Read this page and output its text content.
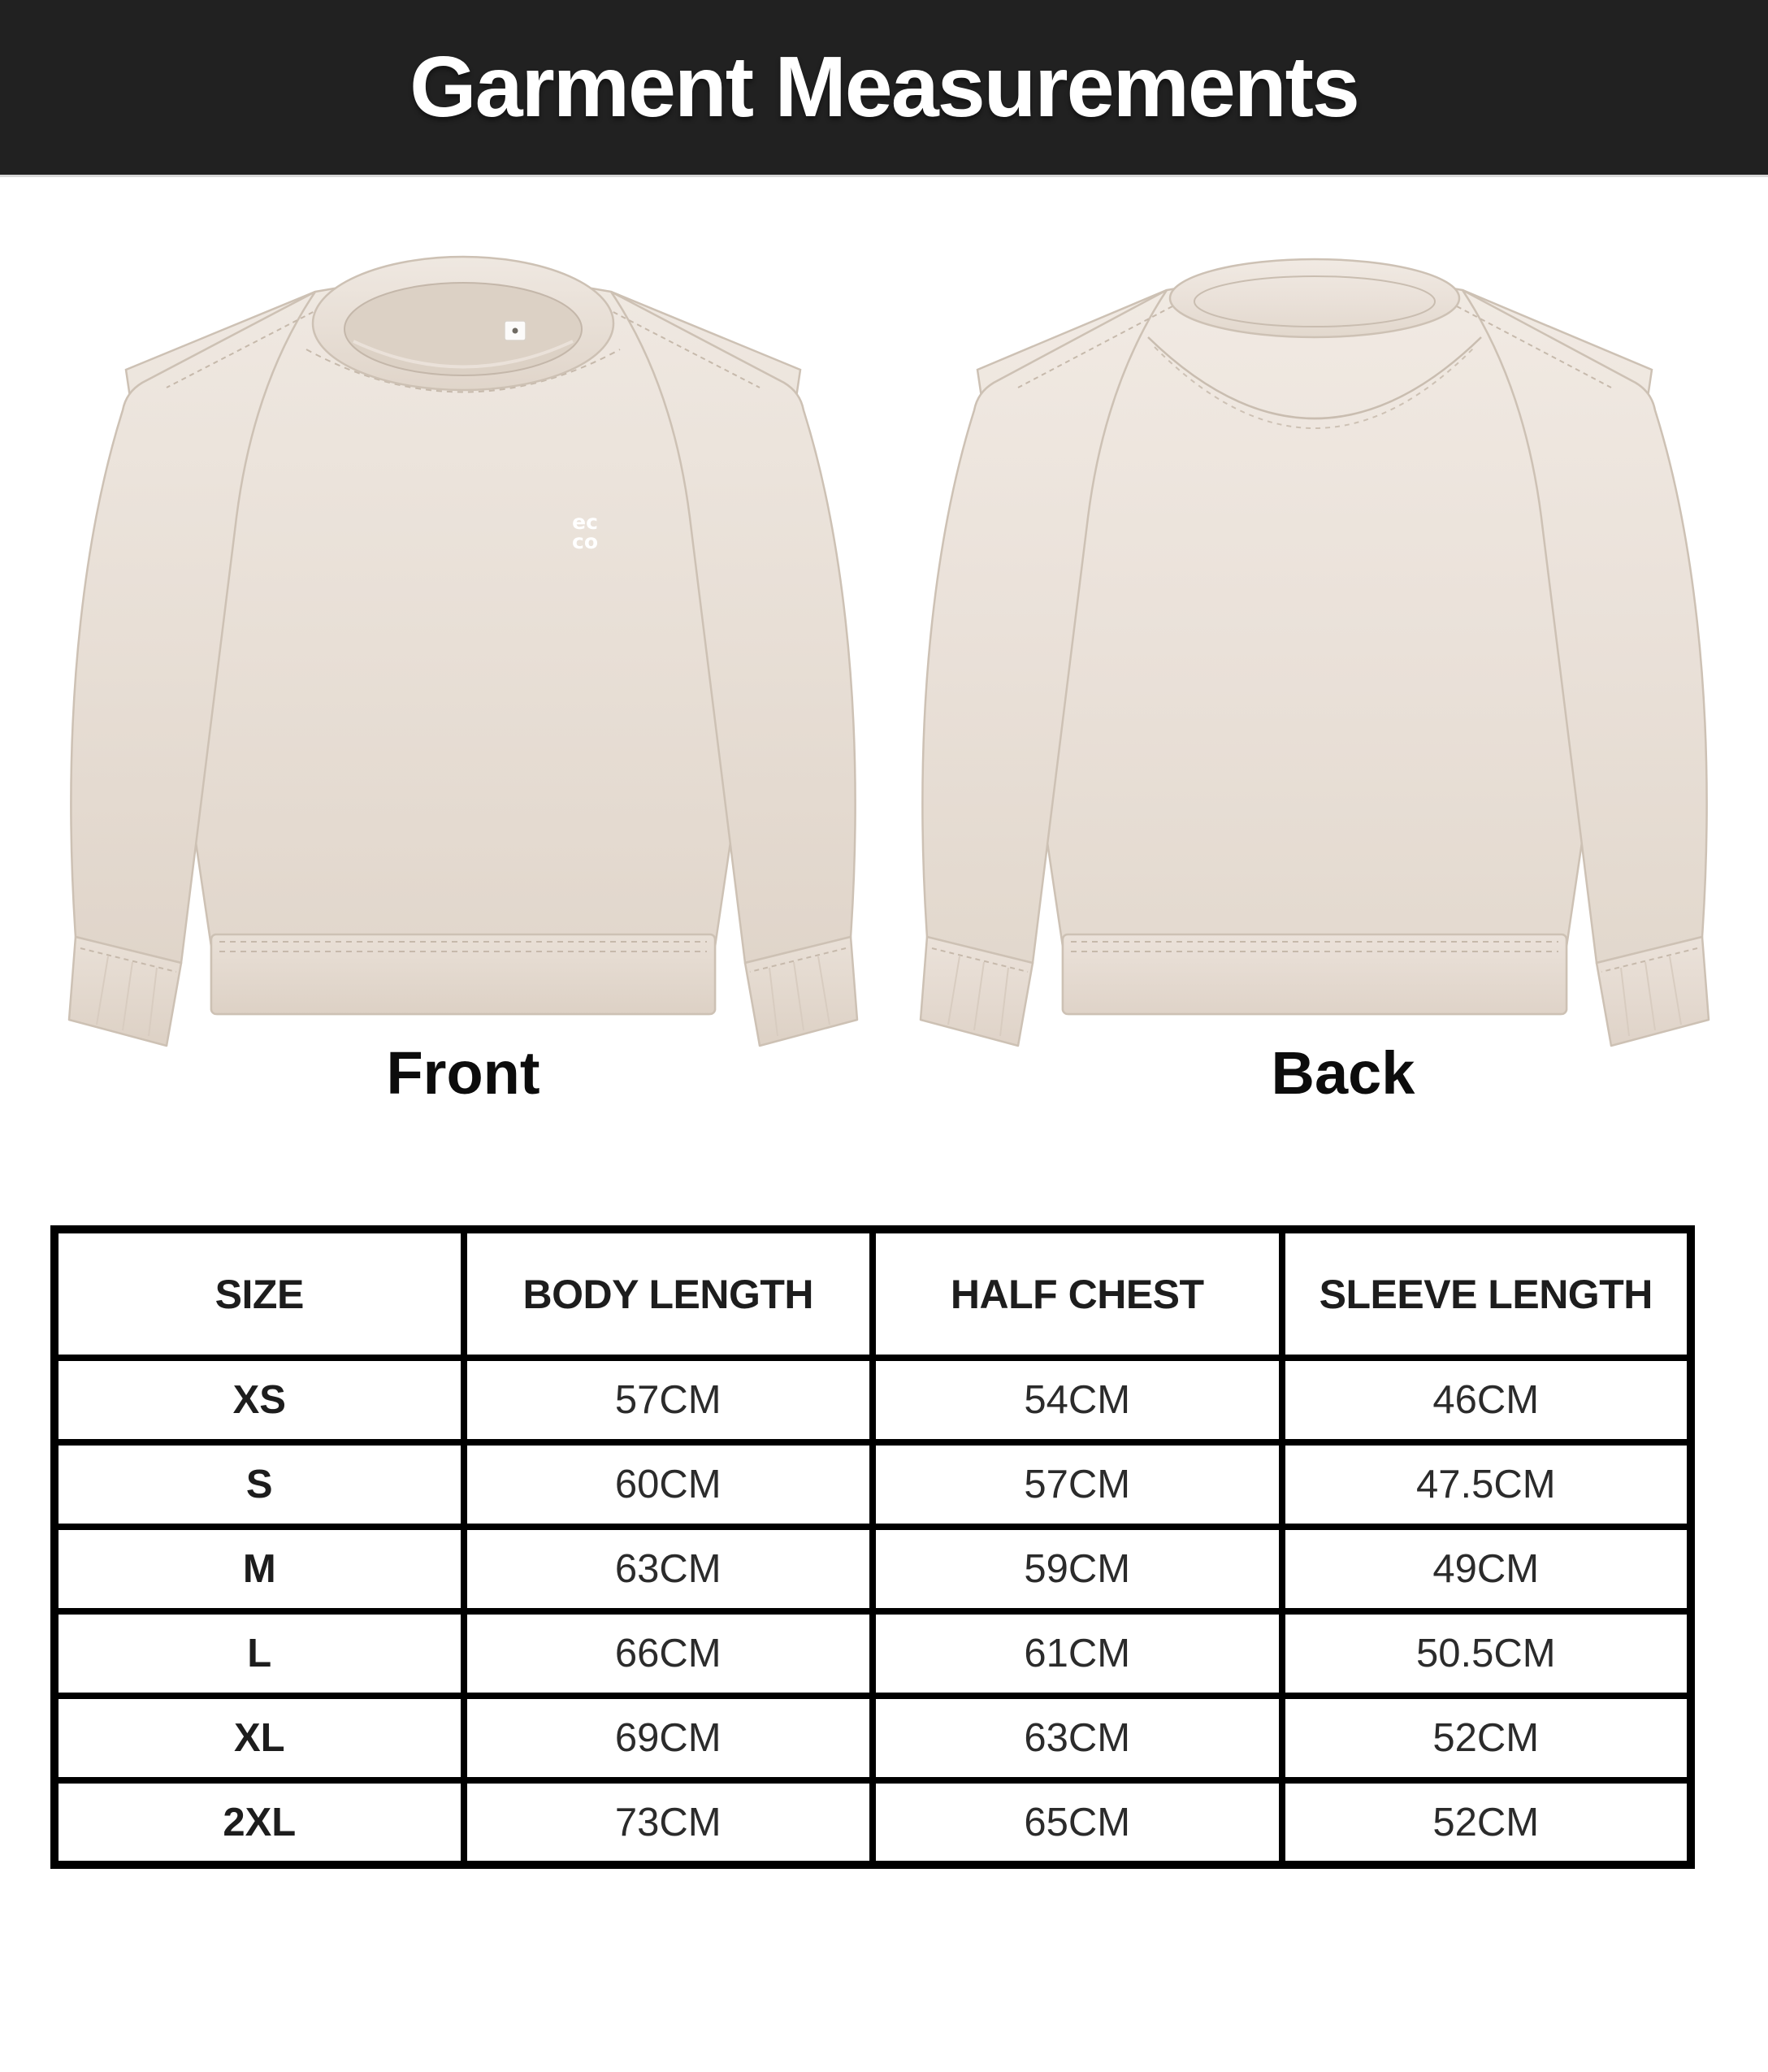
Garment Measurements
ec
co
Front	Back
SIZE	BODY LENGTH	HALF CHEST	SLEEVE LENGTH
XS	57CM	54CM	46CM
S	60CM	57CM	47.5CM
M	63CM	59CM	49CM
L	66CM	61CM	50.5CM
XL	69CM	63CM	52CM
2XL	73CM	65CM	52CM
